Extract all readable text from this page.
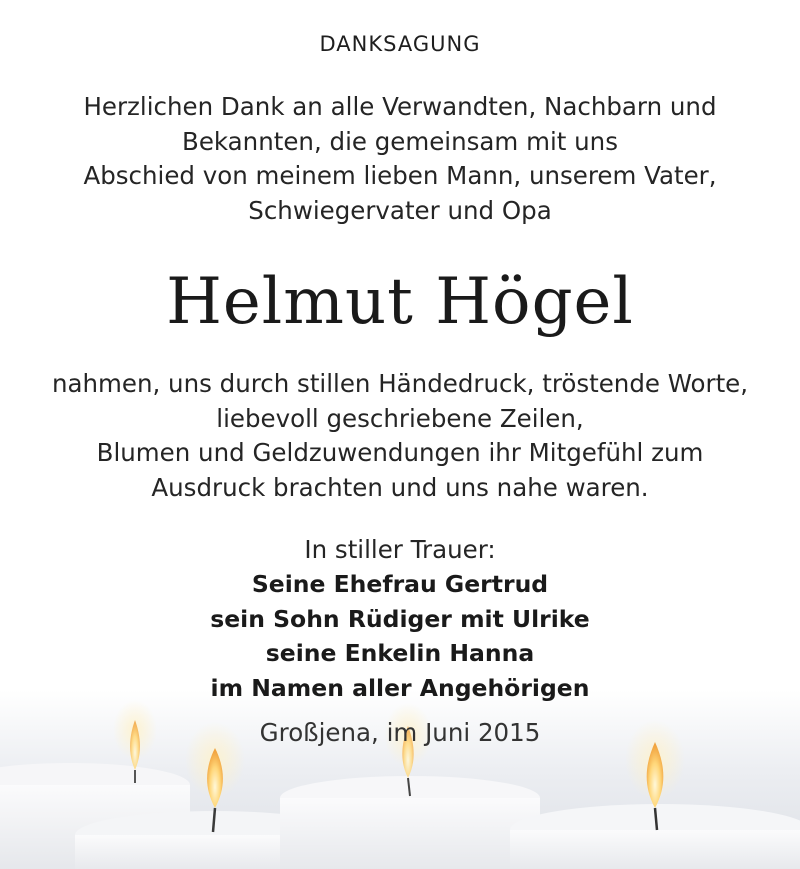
DANKSAGUNG
Herzlichen Dank an alle Verwandten, Nachbarn und
Bekannten, die gemeinsam mit uns
Abschied von meinem lieben Mann, unserem Vater,
Schwiegervater und Opa
Helmut Högel
nahmen, uns durch stillen Händedruck, tröstende Worte,
liebevoll geschriebene Zeilen,
Blumen und Geldzuwendungen ihr Mitgefühl zum
Ausdruck brachten und uns nahe waren.
In stiller Trauer:
Seine Ehefrau Gertrud
sein Sohn Rüdiger mit Ulrike
seine Enkelin Hanna
im Namen aller Angehörigen
Großjena, im Juni 2015
